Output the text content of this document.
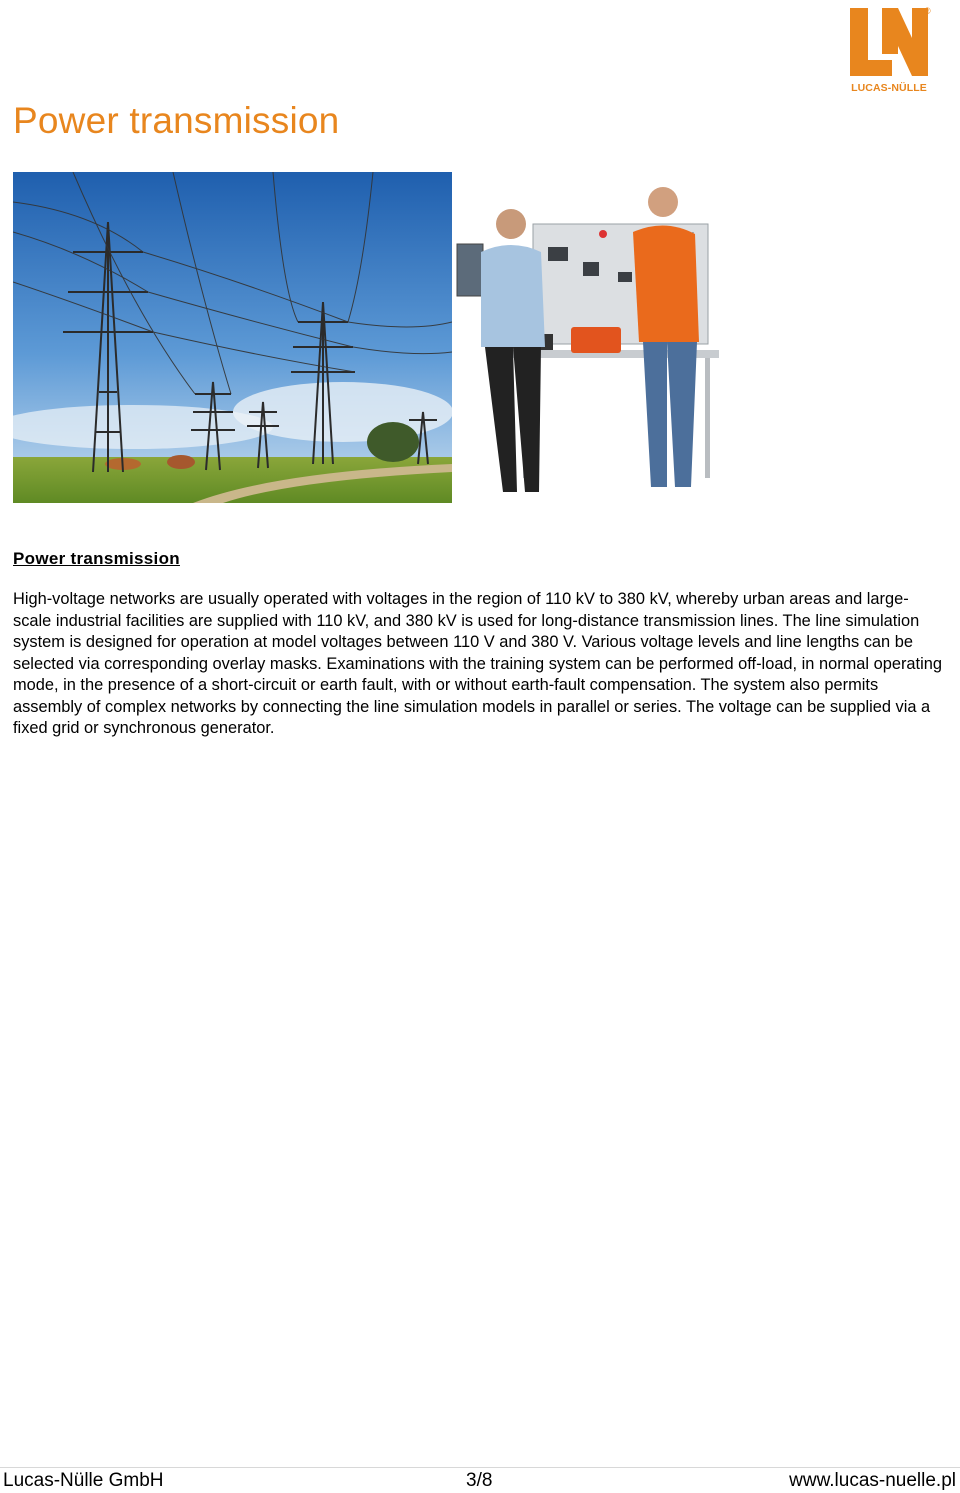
®
LUCAS-NÜLLE
Power transmission
Power transmission

High-voltage networks are usually operated with voltages in the region of 110 kV to 380 kV, whereby urban areas and large-scale industrial facilities are supplied with 110 kV, and 380 kV is used for long-distance transmission lines. The line simulation system is designed for operation at model voltages between 110 V and 380 V. Various voltage levels and line lengths can be selected via corresponding overlay masks. Examinations with the training system can be performed off-load, in normal operating mode, in the presence of a short-circuit or earth fault, with or without earth-fault compensation. The system also permits assembly of complex networks by connecting the line simulation models in parallel or series. The voltage can be supplied via a fixed grid or synchronous generator.

Lucas-Nülle GmbH	3/8	www.lucas-nuelle.pl
